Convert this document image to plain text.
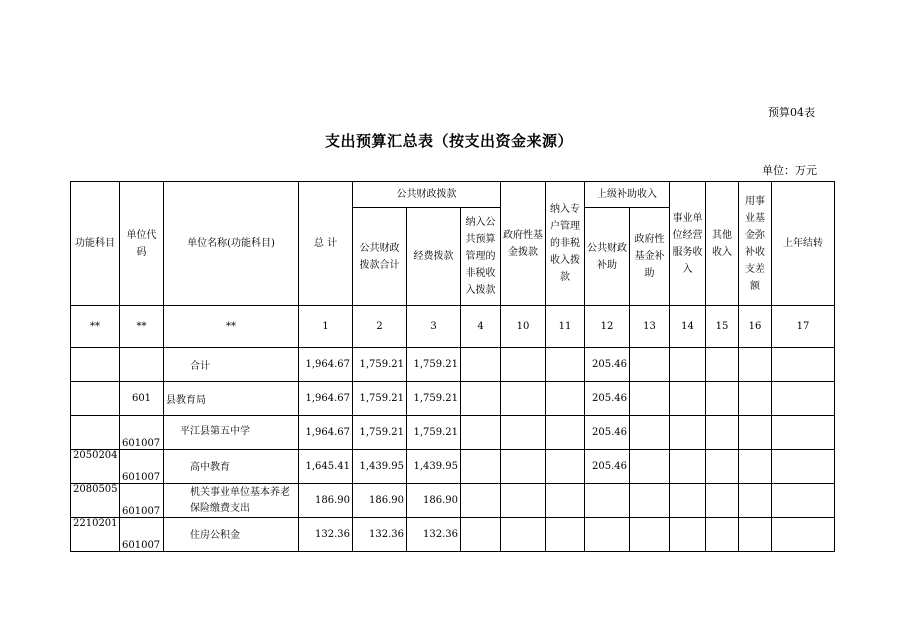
预算04表
支出预算汇总表（按支出资金来源）
单位：万元
功能科目	单位代码	单位名称(功能科目)	总 计	公共财政拨款			政府性基金拨款	纳入专户管理的非税收入拨款	上级补助收入		事业单位经营服务收入	其他收入	用事业基金弥补收支差额	上年结转
				公共财政拨款合计	经费拨款	纳入公共预算管理的非税收入拨款			公共财政补助	政府性基金补助				
**	**	**	1	2	3	4	10	11	12	13	14	15	16	17
		合计	1,964.67	1,759.21	1,759.21				205.46					
	601	县教育局	1,964.67	1,759.21	1,759.21				205.46					
	601007	平江县第五中学	1,964.67	1,759.21	1,759.21				205.46					
2050204	601007	高中教育	1,645.41	1,439.95	1,439.95				205.46					
2080505	601007	机关事业单位基本养老保险缴费支出	186.90	186.90	186.90									
2210201	601007	住房公积金	132.36	132.36	132.36									
